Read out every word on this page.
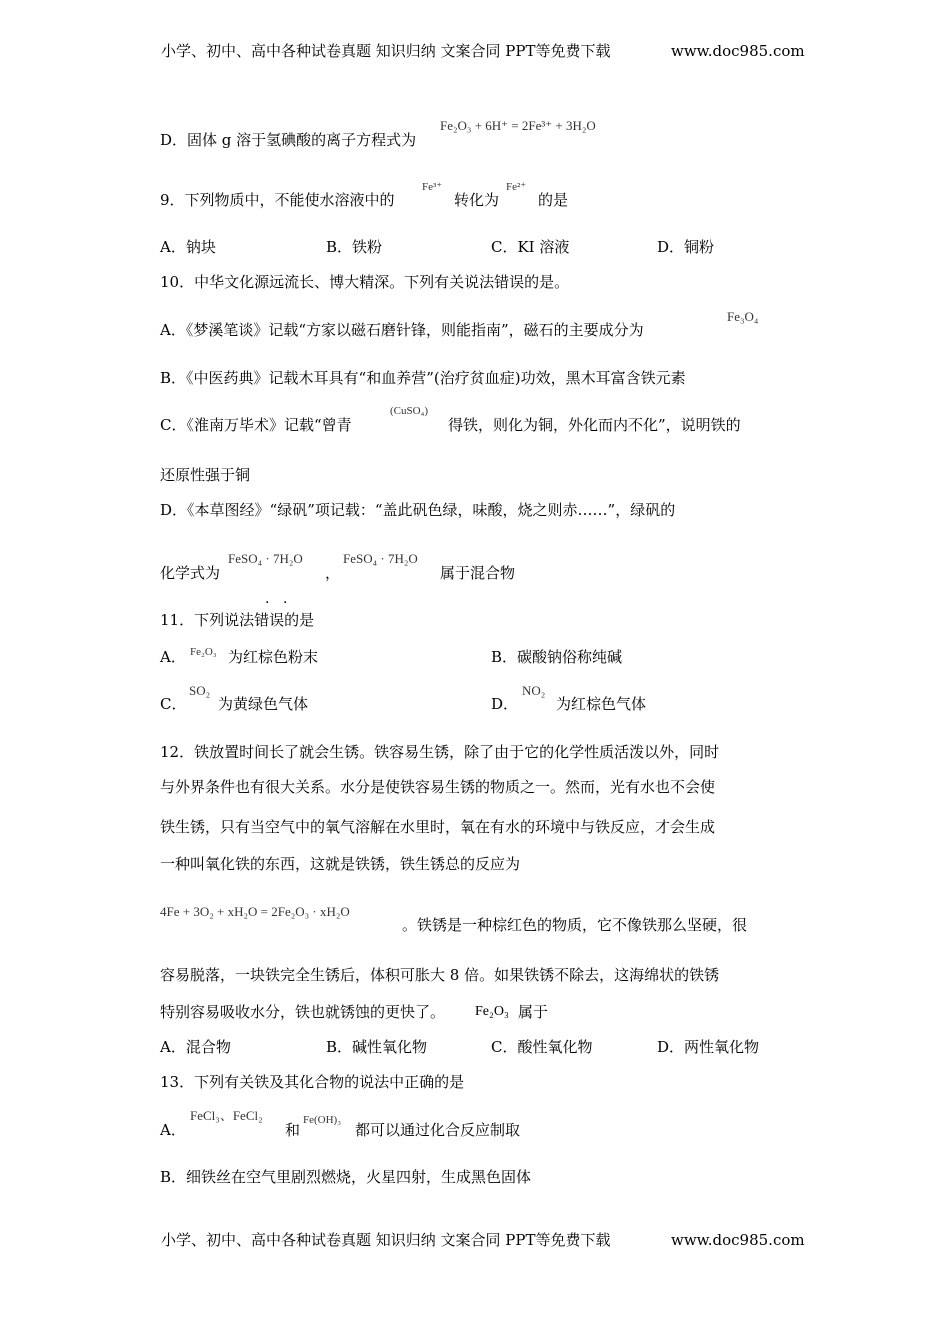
小学、初中、高中各种试卷真题 知识归纳 文案合同 PPT等免费下载	www.doc985.com
D．固体 g 溶于氢碘酸的离子方程式为
Fe₂O₃ + 6H⁺ = 2Fe³⁺ + 3H₂O
9．下列物质中，不能使水溶液中的
Fe³⁺
转化为
Fe²⁺
的是
A．钠块	B．铁粉	C．KI 溶液	D．铜粉
10．中华文化源远流长、博大精深。下列有关说法错误的是。
A．《梦溪笔谈》记载“方家以磁石磨针锋，则能指南”，磁石的主要成分为
Fe₃O₄
B．《中医药典》记载木耳具有“和血养营”(治疗贫血症)功效，黑木耳富含铁元素
C．《淮南万毕术》记载“曾青
(CuSO₄)
得铁，则化为铜，外化而内不化”，说明铁的
还原性强于铜
D．《本草图经》“绿矾”项记载：“盖此矾色绿，味酸，烧之则赤……”，绿矾的
化学式为
FeSO₄ · 7H₂O
，
FeSO₄ · 7H₂O
属于混合物
· ·
11．下列说法错误的是
A． Fe₂O₃ 为红棕色粉末	B．碳酸钠俗称纯碱
C．
SO₂
为黄绿色气体	D．
NO₂
为红棕色气体
12．铁放置时间长了就会生锈。铁容易生锈，除了由于它的化学性质活泼以外，同时
与外界条件也有很大关系。水分是使铁容易生锈的物质之一。然而，光有水也不会使
铁生锈，只有当空气中的氧气溶解在水里时，氧在有水的环境中与铁反应，才会生成
一种叫氧化铁的东西，这就是铁锈，铁生锈总的反应为
4Fe + 3O₂ + xH₂O = 2Fe₂O₃ · xH₂O
。铁锈是一种棕红色的物质，它不像铁那么坚硬，很
容易脱落，一块铁完全生锈后，体积可胀大 8 倍。如果铁锈不除去，这海绵状的铁锈
特别容易吸收水分，铁也就锈蚀的更快了。 Fe₂O₃ 属于
A．混合物	B．碱性氧化物	C．酸性氧化物	D．两性氧化物
13．下列有关铁及其化合物的说法中正确的是
A．
FeCl₃、FeCl₂
和
Fe(OH)₃
都可以通过化合反应制取
B．细铁丝在空气里剧烈燃烧，火星四射，生成黑色固体
小学、初中、高中各种试卷真题 知识归纳 文案合同 PPT等免费下载	www.doc985.com
